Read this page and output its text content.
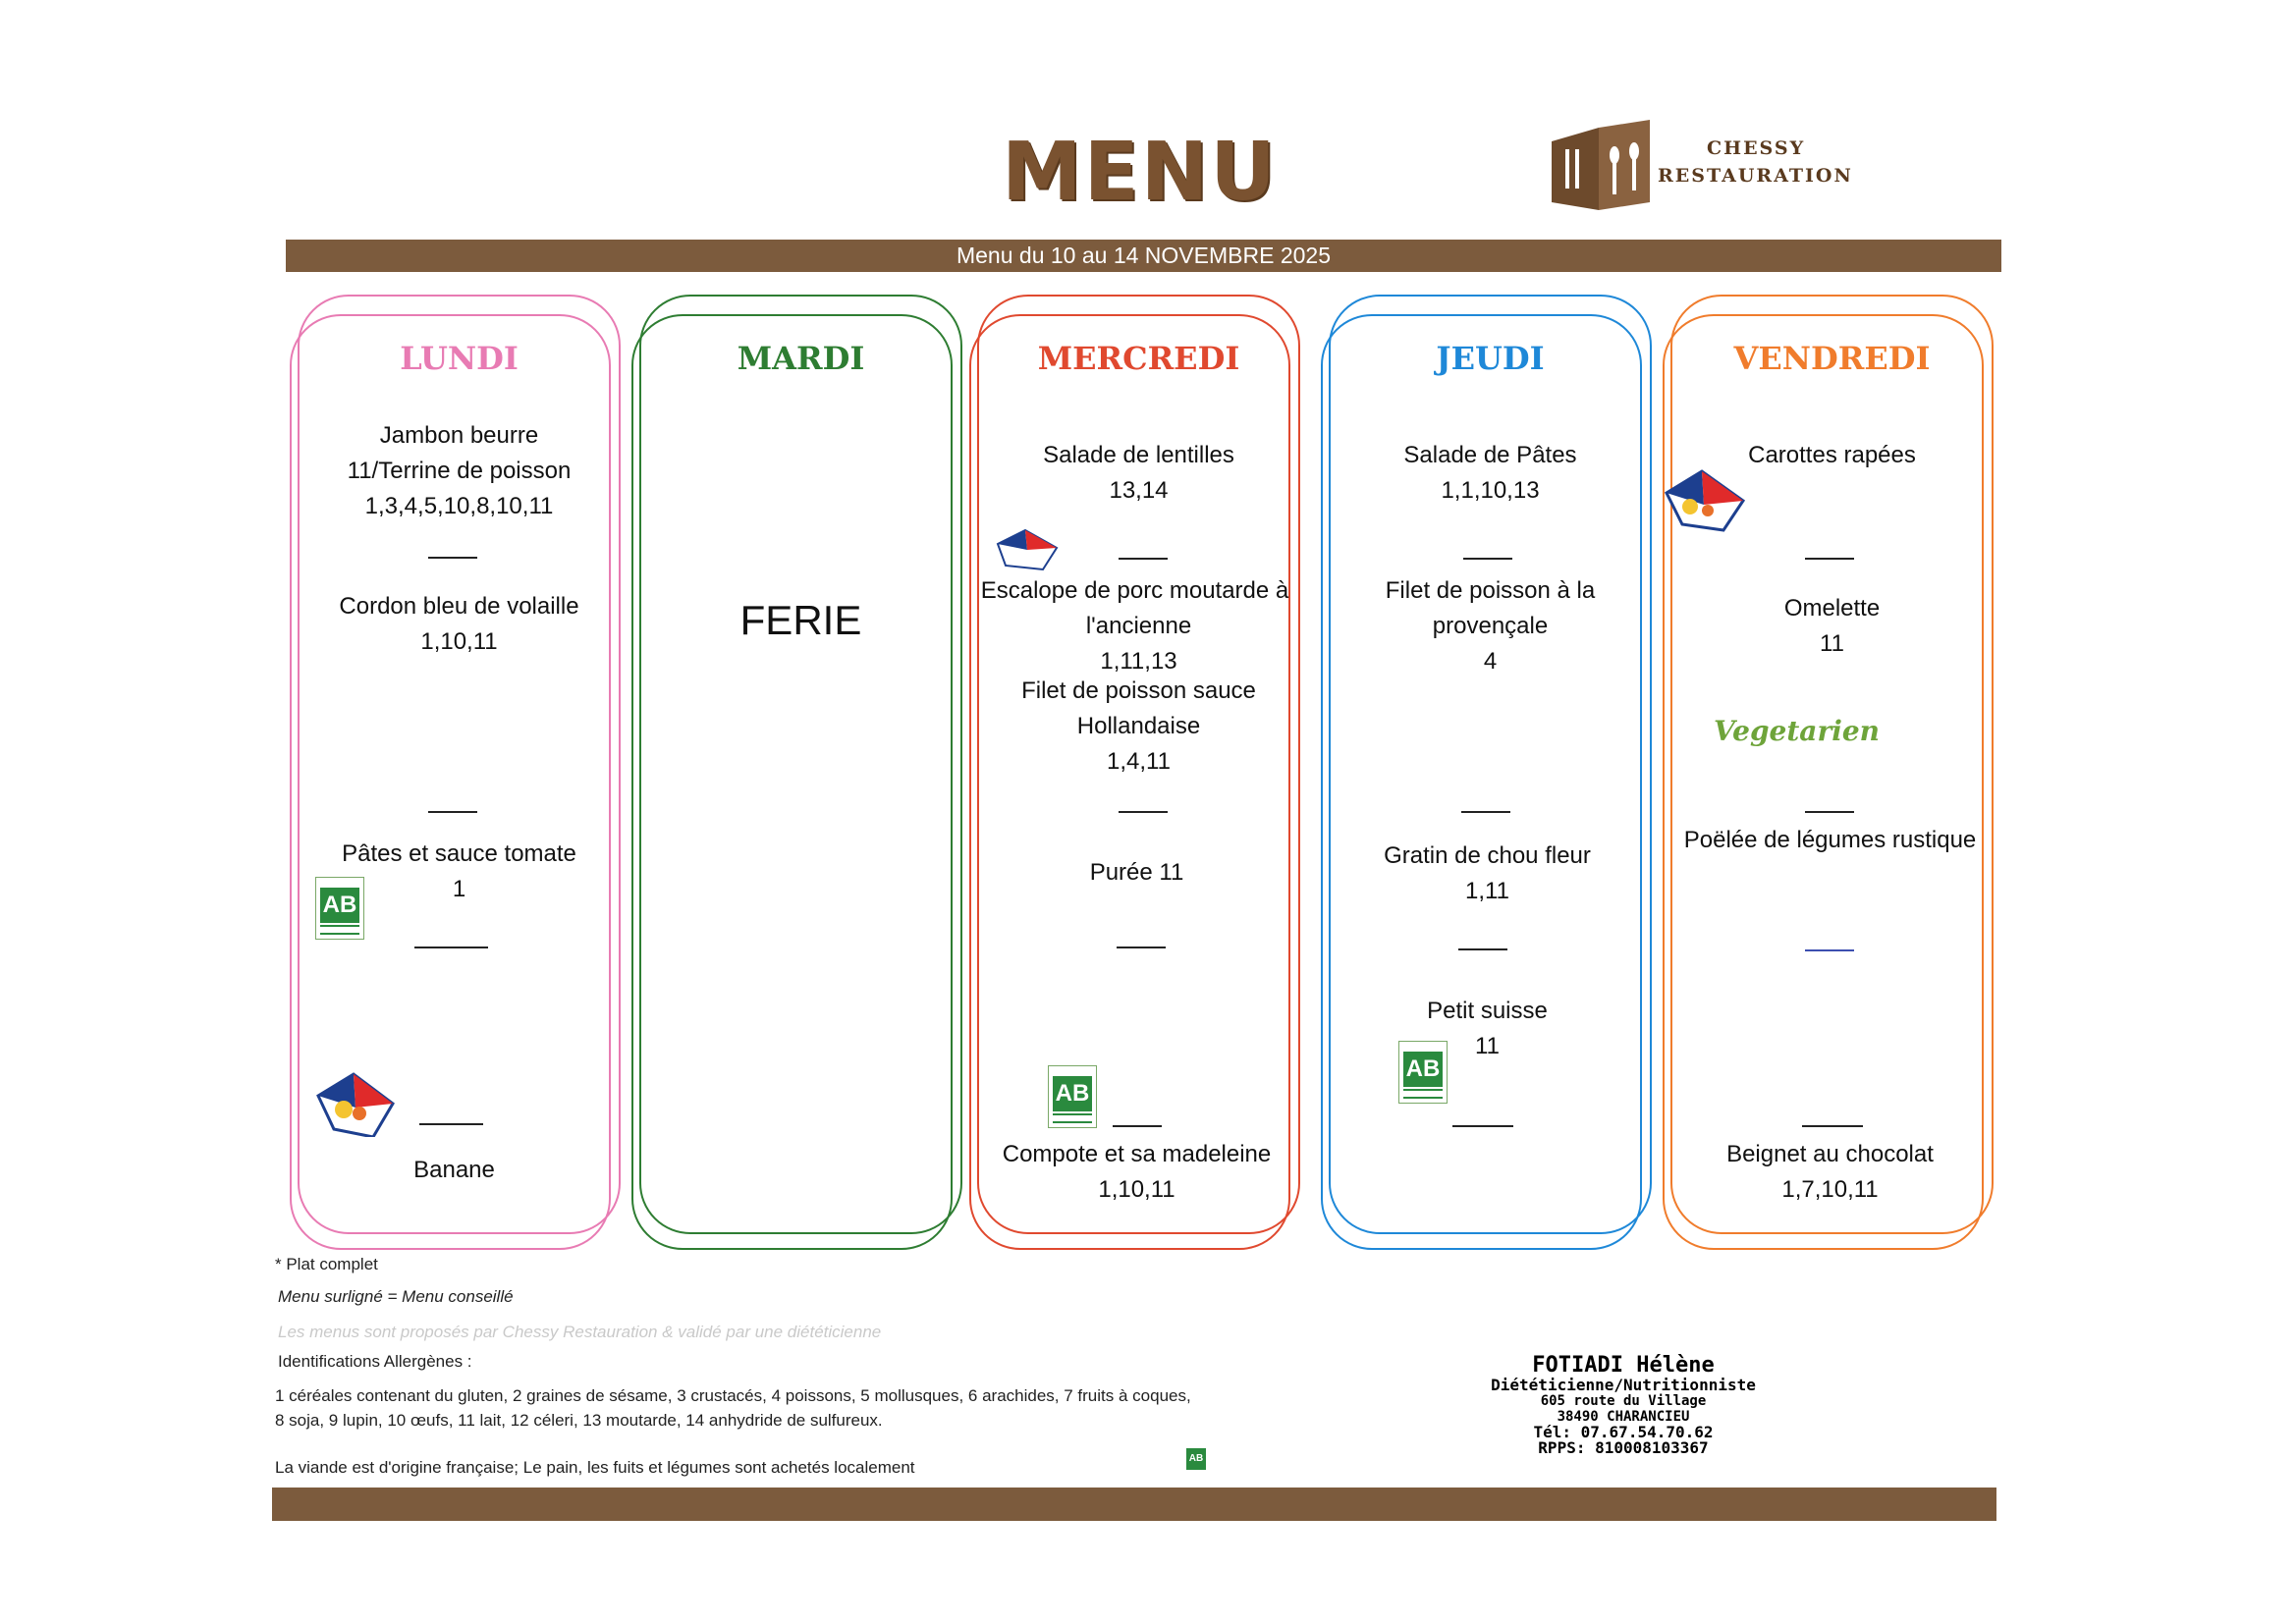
MENU	CHESSY
RESTAURATION
Menu du 10 au 14 NOVEMBRE 2025
LUNDI
Jambon beurre
11/Terrine de poisson
1,3,4,5,10,8,10,11
Cordon bleu de volaille
1,10,11
Pâtes et sauce tomate
1
Banane
AB
MARDI
FERIE
MERCREDI
Salade de lentilles
13,14
Escalope de porc moutarde à
l'ancienne
1,11,13
Filet de poisson sauce
Hollandaise
1,4,11
Purée 11
Compote et sa madeleine
1,10,11
AB
JEUDI
Salade de Pâtes
1,1,10,13
Filet de poisson à la
provençale
4
Gratin de chou fleur
1,11
Petit suisse
11
AB
VENDREDI
Carottes rapées
Omelette
11
Poëlée de légumes rustique
Beignet au chocolat
1,7,10,11
Vegetarien
* Plat complet
Menu surligné = Menu conseillé
Les menus sont proposés par Chessy Restauration & validé par une diététicienne
Identifications Allergènes :
1 céréales contenant du gluten, 2 graines de sésame, 3 crustacés, 4 poissons, 5 mollusques, 6 arachides, 7 fruits à coques,
8 soja, 9 lupin, 10 œufs, 11 lait, 12 céleri, 13 moutarde, 14 anhydride de sulfureux.
La viande est d'origine française; Le pain, les fuits et légumes sont achetés localement	AB
FOTIADI Hélène
Diététicienne/Nutritionniste
605 route du Village
38490 CHARANCIEU
Tél: 07.67.54.70.62
RPPS: 810008103367
